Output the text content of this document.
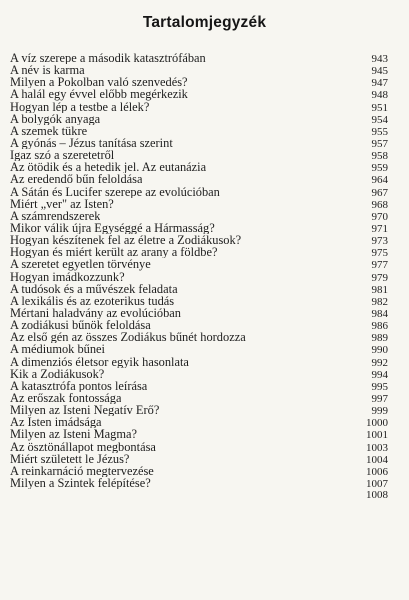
Tartalomjegyzék
A víz szerepe a második katasztrófában	943
A név is karma	945
Milyen a Pokolban való szenvedés?	947
A halál egy évvel előbb megérkezik	948
Hogyan lép a testbe a lélek?	951
A bolygók anyaga	954
A szemek tükre	955
A gyónás – Jézus tanítása szerint	957
Igaz szó a szeretetről	958
Az ötödik és a hetedik jel. Az eutanázia	959
Az eredendő bűn feloldása	964
A Sátán és Lucifer szerepe az evolúcióban	967
Miért „ver" az Isten?	968
A számrendszerek	970
Mikor válik újra Egységgé a Hármasság?	971
Hogyan készítenek fel az életre a Zodiákusok?	973
Hogyan és miért került az arany a földbe?	975
A szeretet egyetlen törvénye	977
Hogyan imádkozzunk?	979
A tudósok és a művészek feladata	981
A lexikális és az ezoterikus tudás	982
Mértani haladvány az evolúcióban	984
A zodiákusi bűnök feloldása	986
Az első gén az összes Zodiákus bűnét hordozza	989
A médiumok bűnei	990
A dimenziós életsor egyik hasonlata	992
Kik a Zodiákusok?	994
A katasztrófa pontos leírása	995
Az erőszak fontossága	997
Milyen az Isteni Negatív Erő?	999
Az Isten imádsága	1000
Milyen az Isteni Magma?	1001
Az ösztönállapot megbontása	1003
Miért született le Jézus?	1004
A reinkarnáció megtervezése	1006
Milyen a Szintek felépítése?	1007
1008
